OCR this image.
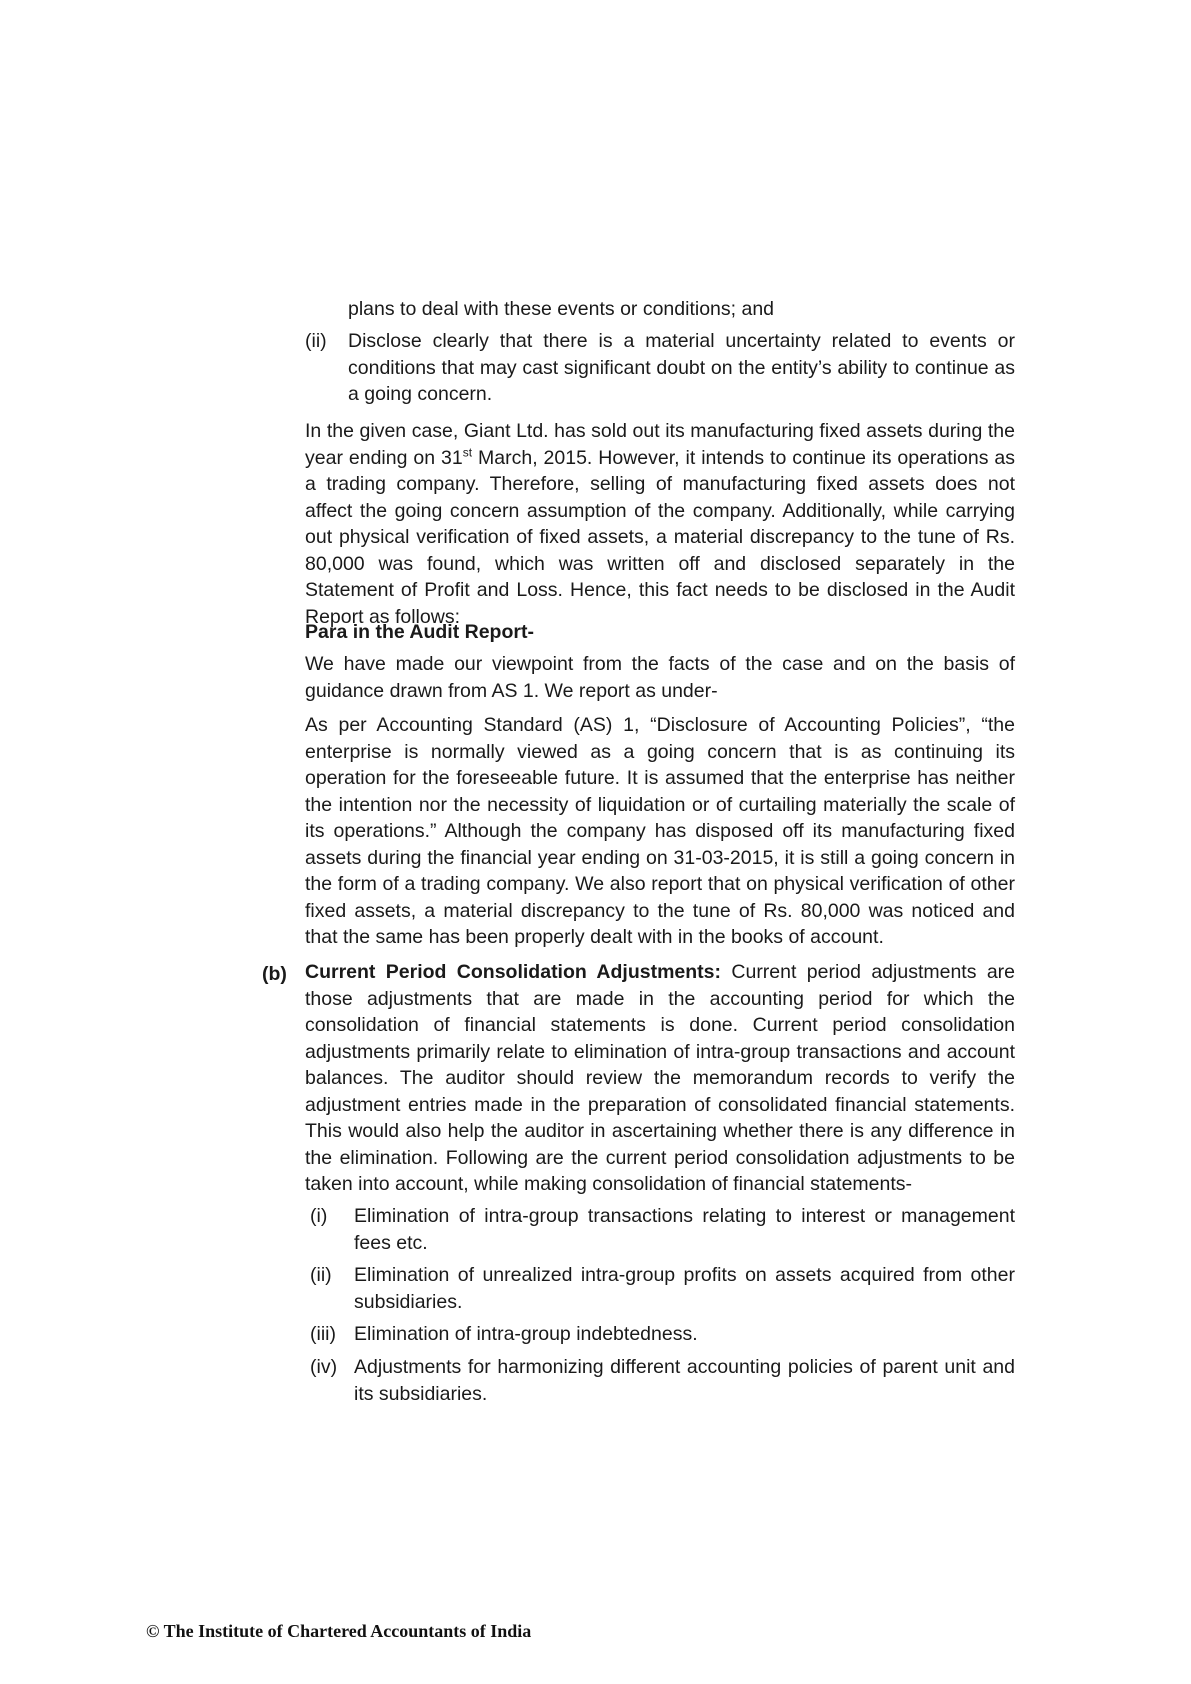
plans to deal with these events or conditions; and
(ii) Disclose clearly that there is a material uncertainty related to events or conditions that may cast significant doubt on the entity’s ability to continue as a going concern.
In the given case, Giant Ltd. has sold out its manufacturing fixed assets during the year ending on 31st March, 2015. However, it intends to continue its operations as a trading company. Therefore, selling of manufacturing fixed assets does not affect the going concern assumption of the company. Additionally, while carrying out physical verification of fixed assets, a material discrepancy to the tune of Rs. 80,000 was found, which was written off and disclosed separately in the Statement of Profit and Loss. Hence, this fact needs to be disclosed in the Audit Report as follows:
Para in the Audit Report-
We have made our viewpoint from the facts of the case and on the basis of guidance drawn from AS 1. We report as under-
As per Accounting Standard (AS) 1, “Disclosure of Accounting Policies”, “the enterprise is normally viewed as a going concern that is as continuing its operation for the foreseeable future. It is assumed that the enterprise has neither the intention nor the necessity of liquidation or of curtailing materially the scale of its operations.” Although the company has disposed off its manufacturing fixed assets during the financial year ending on 31-03-2015, it is still a going concern in the form of a trading company. We also report that on physical verification of other fixed assets, a material discrepancy to the tune of Rs. 80,000 was noticed and that the same has been properly dealt with in the books of account.
(b) Current Period Consolidation Adjustments: Current period adjustments are those adjustments that are made in the accounting period for which the consolidation of financial statements is done. Current period consolidation adjustments primarily relate to elimination of intra-group transactions and account balances. The auditor should review the memorandum records to verify the adjustment entries made in the preparation of consolidated financial statements. This would also help the auditor in ascertaining whether there is any difference in the elimination. Following are the current period consolidation adjustments to be taken into account, while making consolidation of financial statements-
(i) Elimination of intra-group transactions relating to interest or management fees etc.
(ii) Elimination of unrealized intra-group profits on assets acquired from other subsidiaries.
(iii) Elimination of intra-group indebtedness.
(iv) Adjustments for harmonizing different accounting policies of parent unit and its subsidiaries.
© The Institute of Chartered Accountants of India
